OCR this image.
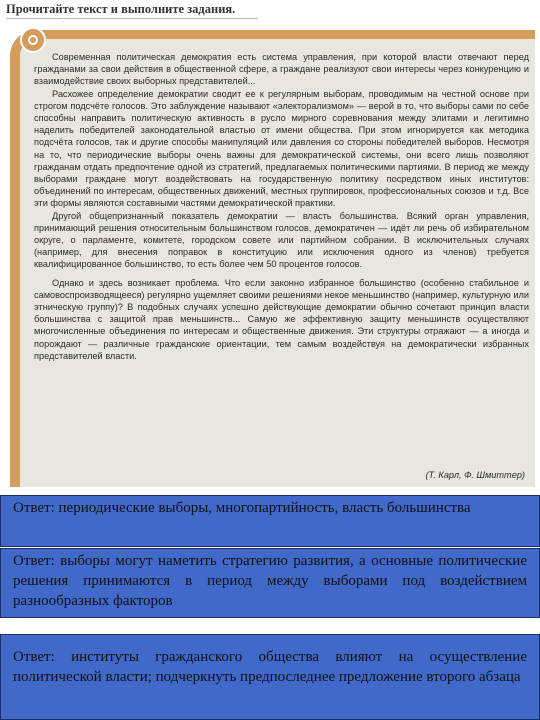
Прочитайте текст и выполните задания.
˙

Современная политическая демократия есть система управления, при которой власти отвечают перед гражданами за свои действия в общественной сфере, а граждане реализуют свои интересы через конкуренцию и взаимодействие своих выборных представителей...

Расхожее определение демократии сводит ее к регулярным выборам, проводимым на честной основе при строгом подсчёте голосов. Это заблуждение называют «электорализмом» — верой в то, что выборы сами по себе способны направить политическую активность в русло мирного соревнования между элитами и легитимно наделить победителей законодательной властью от имени общества. При этом игнорируется как методика подсчёта голосов, так и другие способы манипуляций или давления со стороны победителей выборов. Несмотря на то, что периодические выборы очень важны для демократической системы, они всего лишь позволяют гражданам отдать предпочтение одной из стратегий, предлагаемых политическими партиями. В период же между выборами граждане могут воздействовать на государственную политику посредством иных институтов: объединений по интересам, общественных движений, местных группировок, профессиональных союзов и т.д. Все эти формы являются составными частями демократической практики.

Другой общепризнанный показатель демократии — власть большинства. Всякий орган управления, принимающий решения относительным большинством голосов, демократичен — идёт ли речь об избирательном округе, о парламенте, комитете, городском совете или партийном собрании. В исключительных случаях (например, для внесения поправок в конституцию или исключения одного из членов) требуется квалифицированное большинство, то есть более чем 50 процентов голосов.

Однако и здесь возникает проблема. Что если законно избранное большинство (особенно стабильное и самовоспроизводящееся) регулярно ущемляет своими решениями некое меньшинство (например, культурную или этническую группу)? В подобных случаях успешно действующие демократии обычно сочетают принцип власти большинства с защитой прав меньшинств... Самую же эффективную защиту меньшинств осуществляют многочисленные объединения по интересам и общественные движения. Эти структуры отражают — а иногда и порождают — различные гражданские ориентации, тем самым воздействуя на демократически избранных представителей власти.

(Т. Карл, Ф. Шмиттер)
Ответ: периодические выборы, многопартийность, власть большинства
Ответ: выборы могут наметить стратегию развития, а основные политические решения принимаются в период между выборами под воздействием разнообразных факторов
Ответ: институты гражданского общества влияют на осуществление политической власти; подчеркнуть предпоследнее предложение второго абзаца
